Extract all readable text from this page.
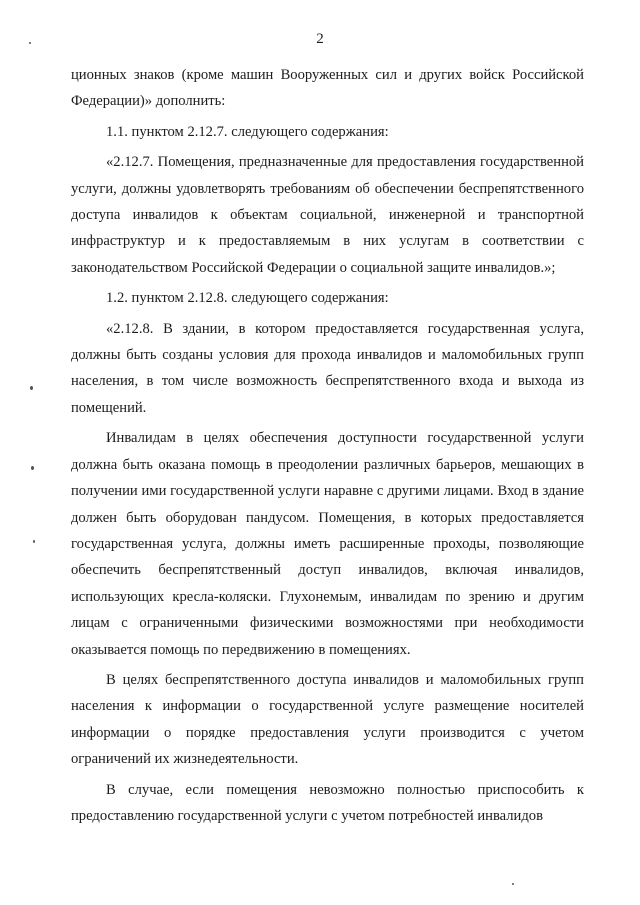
2

ционных знаков (кроме машин Вооруженных сил и других войск Российской Федерации)» дополнить:

1.1. пунктом 2.12.7. следующего содержания:

«2.12.7. Помещения, предназначенные для предоставления государственной услуги, должны удовлетворять требованиям об обеспечении беспрепятственного доступа инвалидов к объектам социальной, инженерной и транспортной инфраструктур и к предоставляемым в них услугам в соответствии с законодательством Российской Федерации о социальной защите инвалидов.»;

1.2. пунктом 2.12.8. следующего содержания:

«2.12.8. В здании, в котором предоставляется государственная услуга, должны быть созданы условия для прохода инвалидов и маломобильных групп населения, в том числе возможность беспрепятственного входа и выхода из помещений.

Инвалидам в целях обеспечения доступности государственной услуги должна быть оказана помощь в преодолении различных барьеров, мешающих в получении ими государственной услуги наравне с другими лицами. Вход в здание должен быть оборудован пандусом. Помещения, в которых предоставляется государственная услуга, должны иметь расширенные проходы, позволяющие обеспечить беспрепятственный доступ инвалидов, включая инвалидов, использующих кресла-коляски. Глухонемым, инвалидам по зрению и другим лицам с ограниченными физическими возможностями при необходимости оказывается помощь по передвижению в помещениях.

В целях беспрепятственного доступа инвалидов и маломобильных групп населения к информации о государственной услуге размещение носителей информации о порядке предоставления услуги производится с учетом ограничений их жизнедеятельности.

В случае, если помещения невозможно полностью приспособить к предоставлению государственной услуги с учетом потребностей инвалидов
